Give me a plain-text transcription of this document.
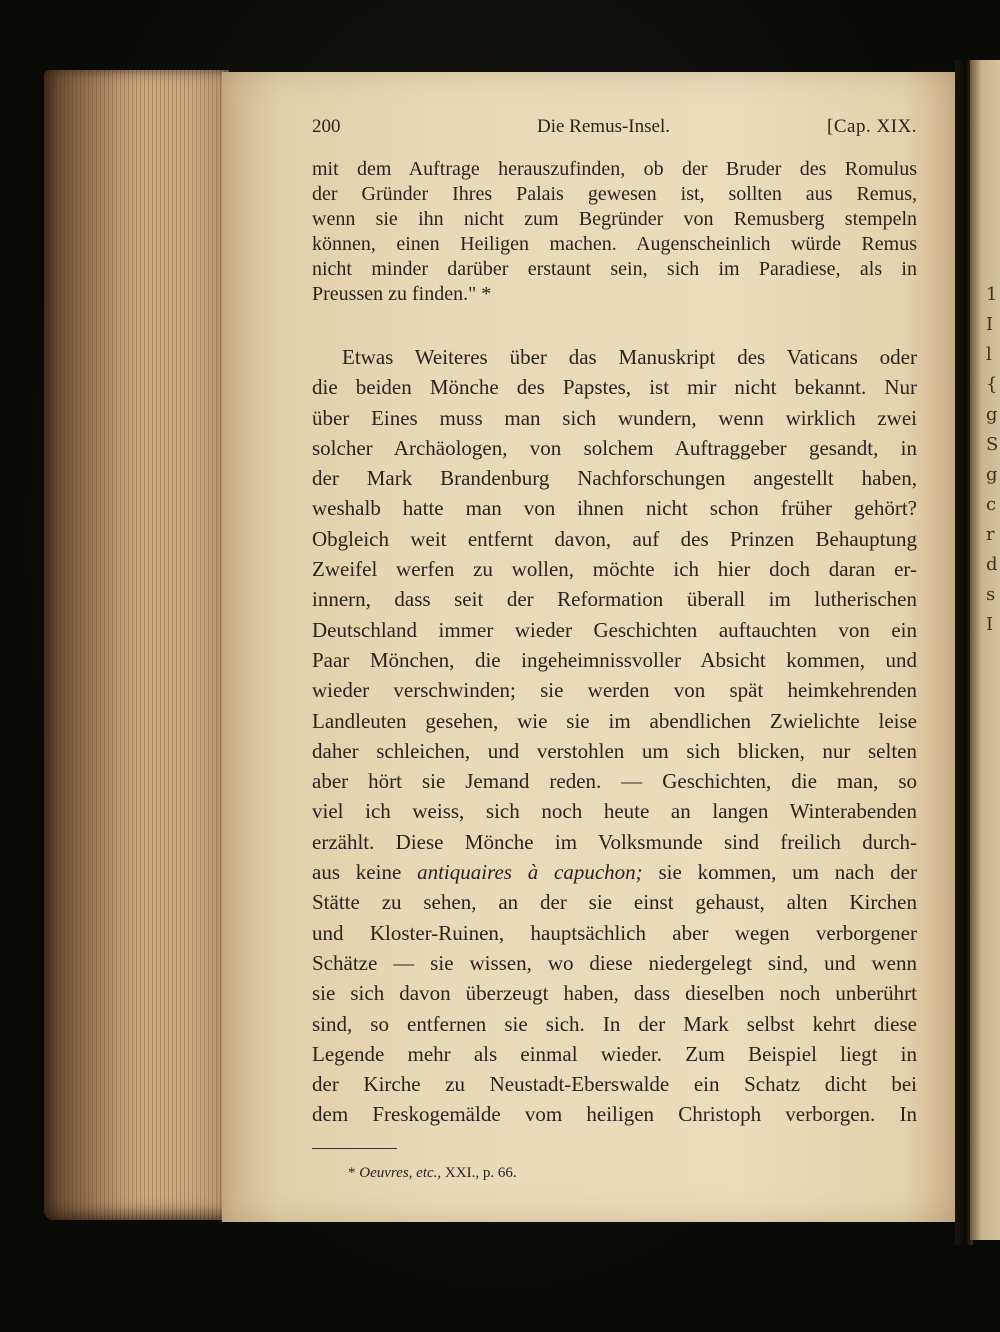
1
I
l
{
g
S
g
c
r
d
s
I
200	Die Remus-Insel.	[Cap. XIX.
mit dem Auftrage herauszufinden, ob der Bruder des Romulus
der Gründer Ihres Palais gewesen ist, sollten aus Remus,
wenn sie ihn nicht zum Begründer von Remusberg stempeln
können, einen Heiligen machen. Augenscheinlich würde Remus
nicht minder darüber erstaunt sein, sich im Paradiese, als in
Preussen zu finden." *
Etwas Weiteres über das Manuskript des Vaticans oder
die beiden Mönche des Papstes, ist mir nicht bekannt. Nur
über Eines muss man sich wundern, wenn wirklich zwei
solcher Archäologen, von solchem Auftraggeber gesandt, in
der Mark Brandenburg Nachforschungen angestellt haben,
weshalb hatte man von ihnen nicht schon früher gehört?
Obgleich weit entfernt davon, auf des Prinzen Behauptung
Zweifel werfen zu wollen, möchte ich hier doch daran er-
innern, dass seit der Reformation überall im lutherischen
Deutschland immer wieder Geschichten auftauchten von ein
Paar Mönchen, die ingeheimnissvoller Absicht kommen, und
wieder verschwinden; sie werden von spät heimkehrenden
Landleuten gesehen, wie sie im abendlichen Zwielichte leise
daher schleichen, und verstohlen um sich blicken, nur selten
aber hört sie Jemand reden. — Geschichten, die man, so
viel ich weiss, sich noch heute an langen Winterabenden
erzählt. Diese Mönche im Volksmunde sind freilich durch-
aus keine antiquaires à capuchon; sie kommen, um nach der
Stätte zu sehen, an der sie einst gehaust, alten Kirchen
und Kloster-Ruinen, hauptsächlich aber wegen verborgener
Schätze — sie wissen, wo diese niedergelegt sind, und wenn
sie sich davon überzeugt haben, dass dieselben noch unberührt
sind, so entfernen sie sich. In der Mark selbst kehrt diese
Legende mehr als einmal wieder. Zum Beispiel liegt in
der Kirche zu Neustadt-Eberswalde ein Schatz dicht bei
dem Freskogemälde vom heiligen Christoph verborgen. In
* Oeuvres, etc., XXI., p. 66.
